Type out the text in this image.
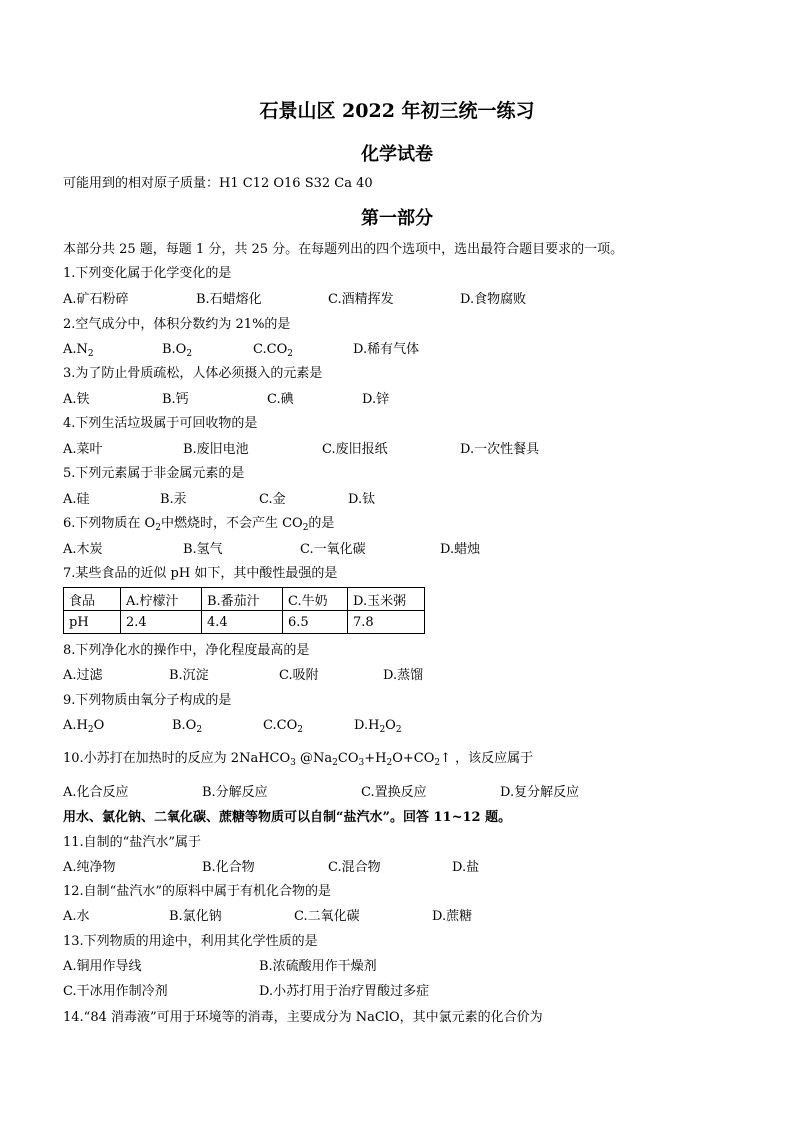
石景山区 2022 年初三统一练习
化学试卷
可能用到的相对原子质量：H1 C12 O16 S32 Ca 40
第一部分
本部分共 25 题，每题 1 分，共 25 分。在每题列出的四个选项中，选出最符合题目要求的一项。
1.下列变化属于化学变化的是
A.矿石粉碎	B.石蜡熔化	C.酒精挥发	D.食物腐败
2.空气成分中，体积分数约为 21%的是
$A.N_2$	$B.O_2$	$C.CO_2$	D.稀有气体
3.为了防止骨质疏松，人体必须摄入的元素是
A.铁	B.钙	C.碘	D.锌
4.下列生活垃圾属于可回收物的是
A.菜叶	B.废旧电池	C.废旧报纸	D.一次性餐具
5.下列元素属于非金属元素的是
A.硅	B.汞	C.金	D.钛
6.下列物质在 $O_2$中燃烧时，不会产生 $CO_2$的是
A.木炭	B.氢气	C.一氧化碳	D.蜡烛
7.某些食品的近似 pH 如下，其中酸性最强的是
食品	A.柠檬汁	B.番茄汁	C.牛奶	D.玉米粥
pH	2.4	4.4	6.5	7.8
8.下列净化水的操作中，净化程度最高的是
A.过滤	B.沉淀	C.吸附	D.蒸馏
9.下列物质由氧分子构成的是
$A.H_2O$	$B.O_2$	$C.CO_2$	$D.H_2O_2$
10.小苏打在加热时的反应为 2NaHCO$_3$ $@Na_2CO_3+H_2O+CO_2↑$ ，该反应属于
A.化合反应	B.分解反应	C.置换反应	D.复分解反应
用水、氯化钠、二氧化碳、蔗糖等物质可以自制“盐汽水”。回答 11~12 题。
11.自制的“盐汽水”属于
A.纯净物	B.化合物	C.混合物	D.盐
12.自制“盐汽水”的原料中属于有机化合物的是
A.水	B.氯化钠	C.二氧化碳	D.蔗糖
13.下列物质的用途中，利用其化学性质的是
A.铜用作导线	B.浓硫酸用作干燥剂
C.干冰用作制冷剂	D.小苏打用于治疗胃酸过多症
14.“84 消毒液”可用于环境等的消毒，主要成分为 NaClO，其中氯元素的化合价为
